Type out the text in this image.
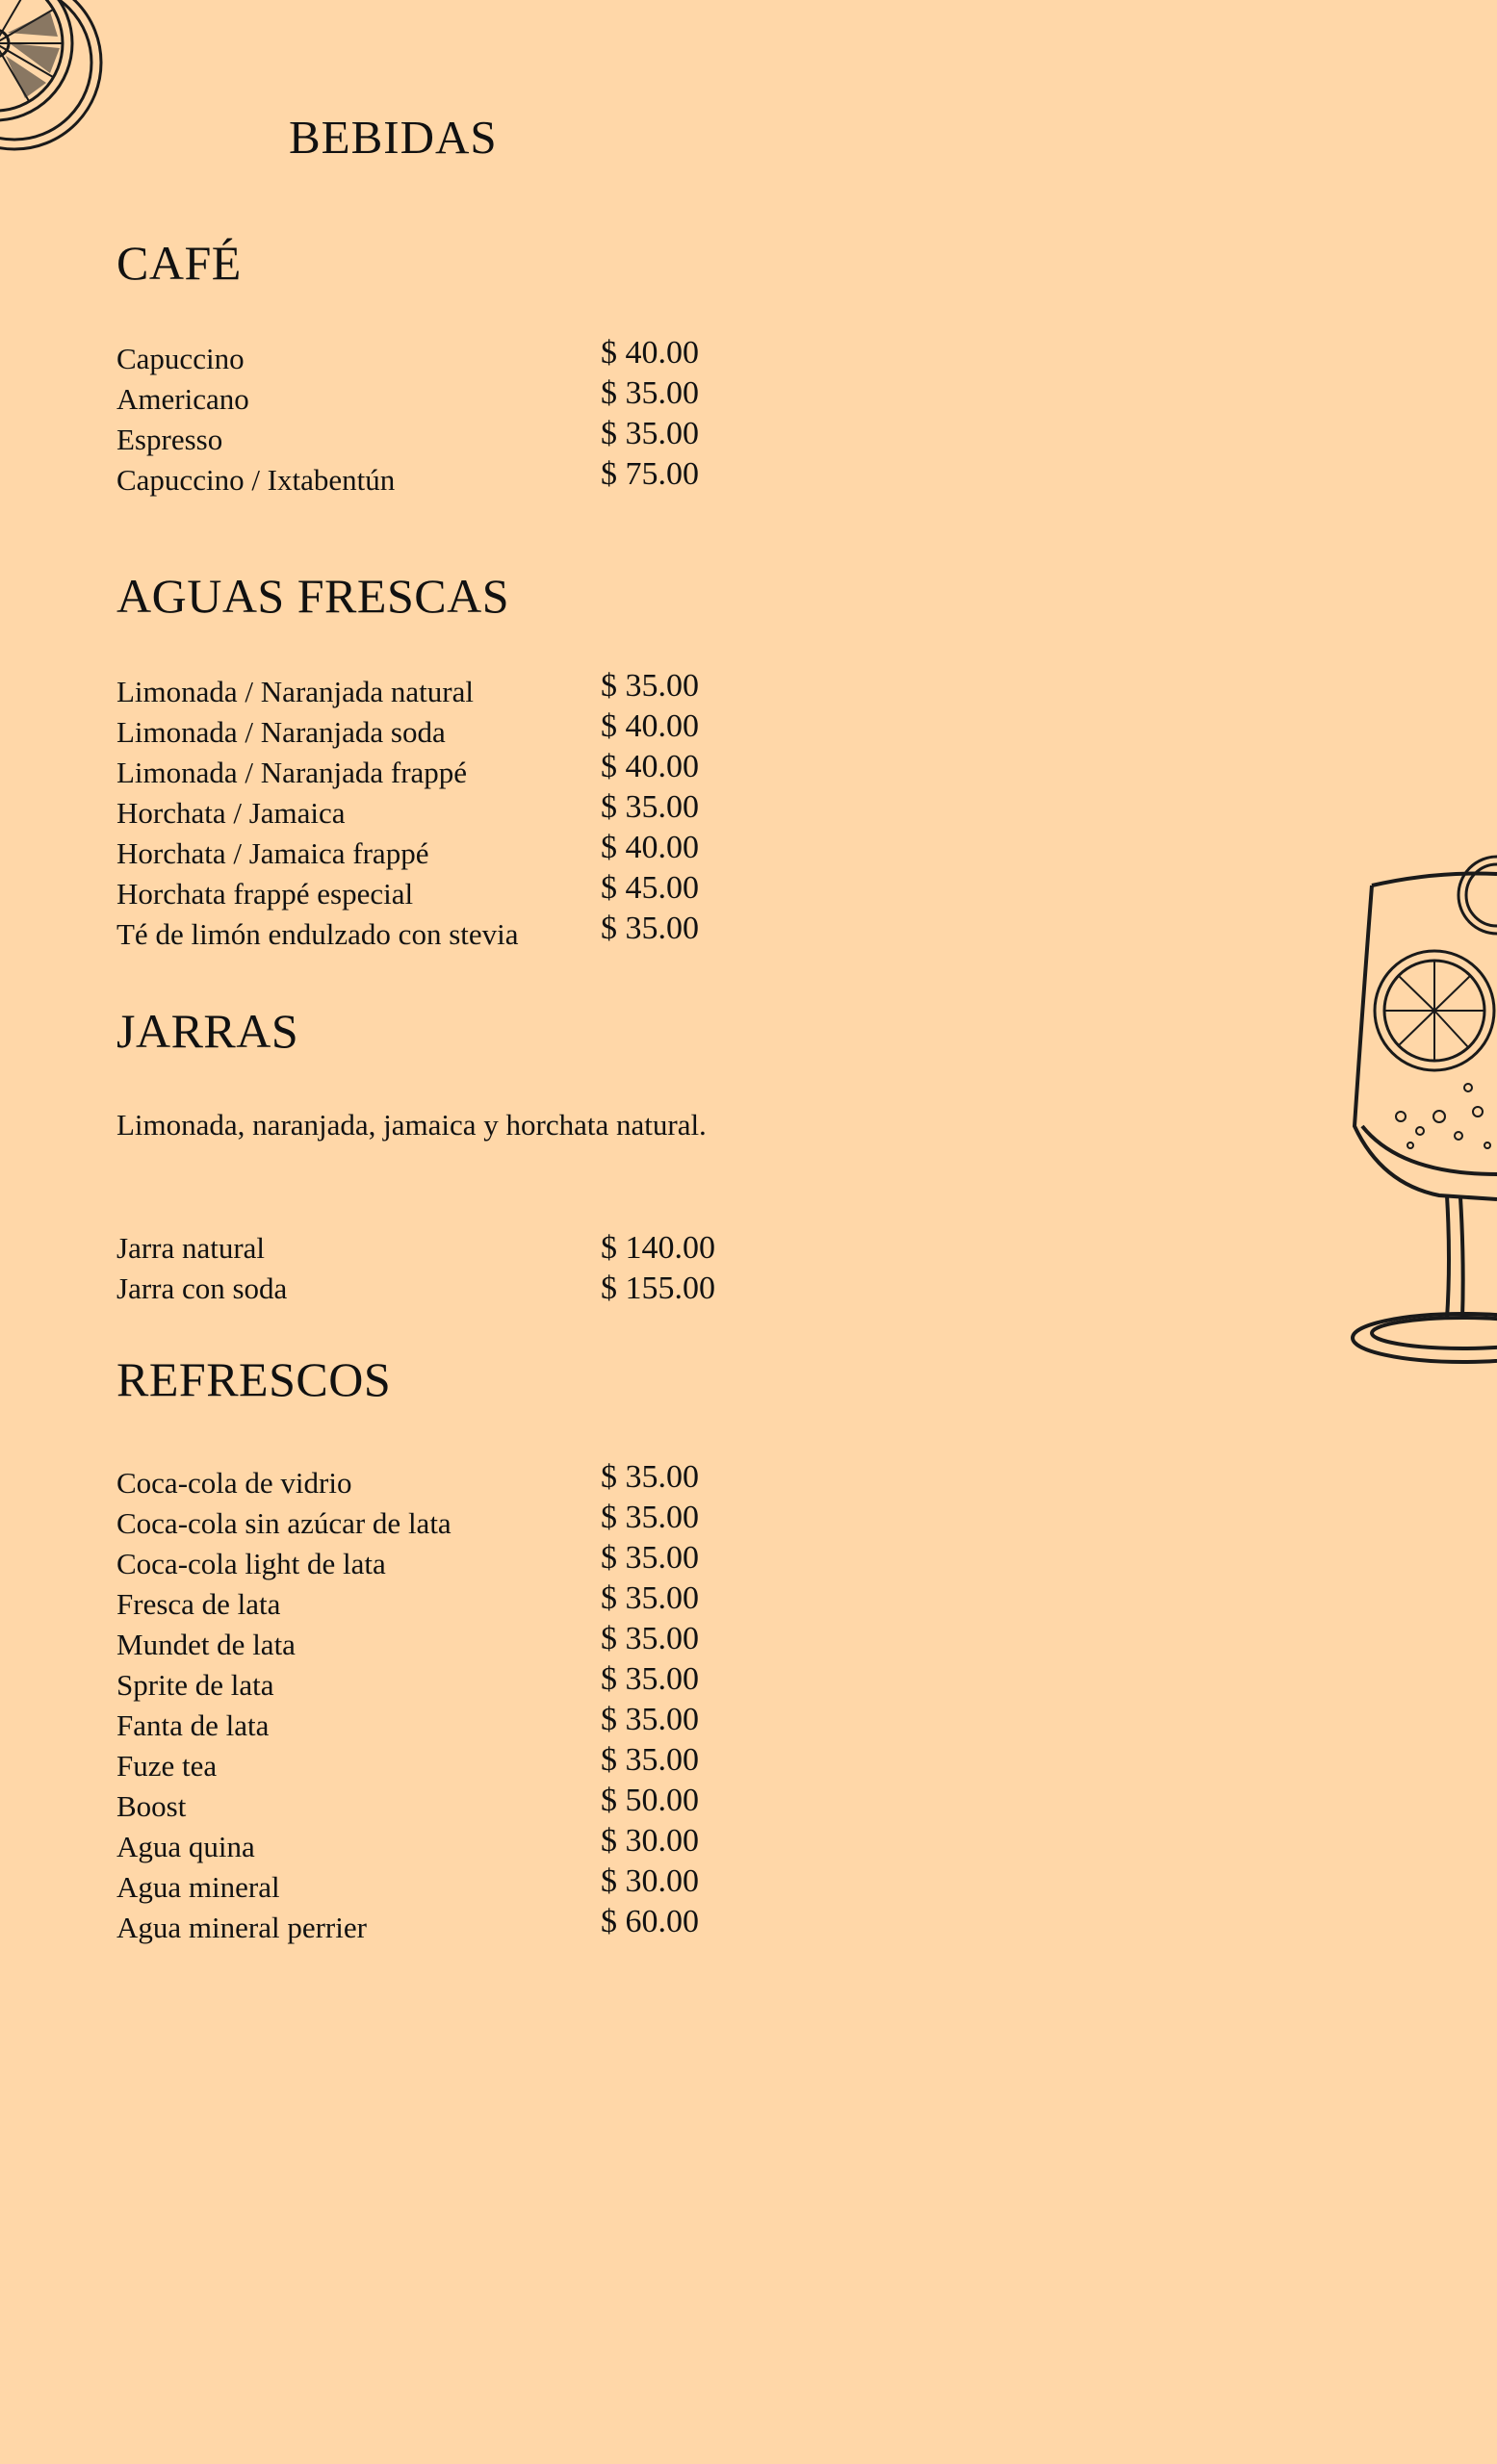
BEBIDAS
CAFÉ
Capuccino	$ 40.00
Americano	$ 35.00
Espresso	$ 35.00
Capuccino / Ixtabentún	$ 75.00
AGUAS FRESCAS
Limonada / Naranjada natural	$ 35.00
Limonada / Naranjada soda	$ 40.00
Limonada / Naranjada frappé	$ 40.00
Horchata / Jamaica	$ 35.00
Horchata / Jamaica frappé	$ 40.00
Horchata frappé especial	$ 45.00
Té de limón endulzado con stevia	$ 35.00
JARRAS

Limonada, naranjada, jamaica y horchata natural.

Jarra natural	$ 140.00
Jarra con soda	$ 155.00
REFRESCOS
Coca-cola de vidrio	$ 35.00
Coca-cola sin azúcar de lata	$ 35.00
Coca-cola light de lata	$ 35.00
Fresca de lata	$ 35.00
Mundet de lata	$ 35.00
Sprite de lata	$ 35.00
Fanta de lata	$ 35.00
Fuze tea	$ 35.00
Boost	$ 50.00
Agua quina	$ 30.00
Agua mineral	$ 30.00
Agua mineral perrier	$ 60.00
